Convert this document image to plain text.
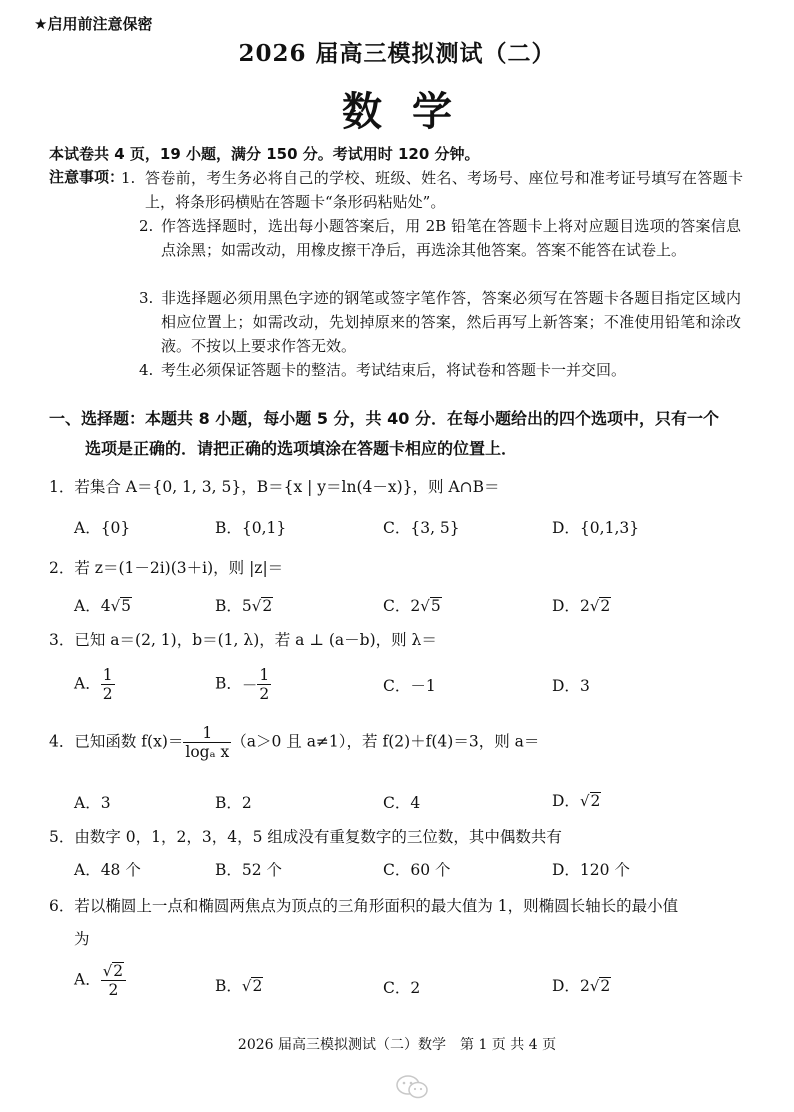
★启用前注意保密
2026 届高三模拟测试（二）
数学
本试卷共 4 页，19 小题，满分 150 分。考试用时 120 分钟。
注意事项：
1. 答卷前，考生务必将自己的学校、班级、姓名、考场号、座位号和准考证号填写在答题卡上，将条形码横贴在答题卡“条形码粘贴处”。
2. 作答选择题时，选出每小题答案后，用 2B 铅笔在答题卡上将对应题目选项的答案信息点涂黑；如需改动，用橡皮擦干净后，再选涂其他答案。答案不能答在试卷上。
3. 非选择题必须用黑色字迹的钢笔或签字笔作答，答案必须写在答题卡各题目指定区域内相应位置上；如需改动，先划掉原来的答案，然后再写上新答案；不准使用铅笔和涂改液。不按以上要求作答无效。
4. 考生必须保证答题卡的整洁。考试结束后，将试卷和答题卡一并交回。
一、选择题：本题共 8 小题，每小题 5 分，共 40 分．在每小题给出的四个选项中，只有一个
选项是正确的．请把正确的选项填涂在答题卡相应的位置上．
1．若集合 A＝{0, 1, 3, 5}，B＝{x | y＝ln(4－x)}，则 A∩B＝
A．{0}	B．{0,1}	C．{3, 5}	D．{0,1,3}
2．若 z＝(1－2i)(3＋i)，则 |z|＝
A．4√5	B．5√2	C．2√5	D．2√2
3．已知 a＝(2, 1)，b＝(1, λ)，若 a ⊥ (a－b)，则 λ＝
A． $\frac{1}{2}$	B．－ $\frac{1}{2}$	C．－1	D．3
4．已知函数 $f(x)= \frac{1}{\text{logₐ x}} (a>0$ 且 a≠1），若 f(2)＋f(4)＝3，则 a＝
A．3	B．2	C．4	D．√2
5．由数字 0，1，2，3，4，5 组成没有重复数字的三位数，其中偶数共有
A．48 个	B．52 个	C．60 个	D．120 个
6．若以椭圆上一点和椭圆两焦点为顶点的三角形面积的最大值为 1，则椭圆长轴长的最小值
为
A． $\frac{√2}{2}$	B．√2	C．2	D．2√2
2026 届高三模拟测试（二）数学　第 1 页 共 4 页
